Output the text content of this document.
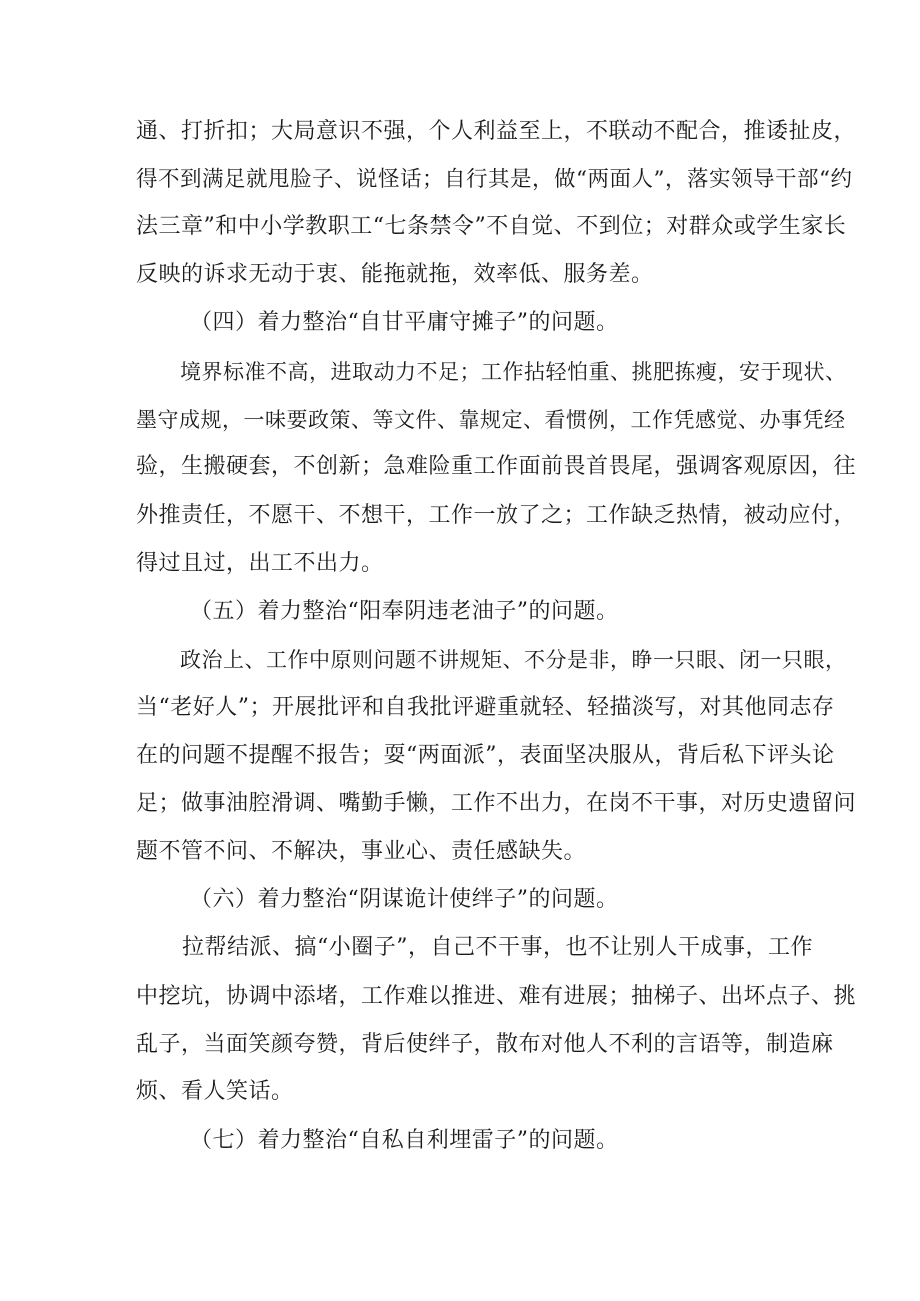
通、打折扣；大局意识不强，个人利益至上，不联动不配合，推诿扯皮，
得不到满足就甩脸子、说怪话；自行其是，做“两面人”，落实领导干部“约
法三章”和中小学教职工“七条禁令”不自觉、不到位；对群众或学生家长
反映的诉求无动于衷、能拖就拖，效率低、服务差。
（四）着力整治“自甘平庸守摊子”的问题。
境界标准不高，进取动力不足；工作拈轻怕重、挑肥拣瘦，安于现状、
墨守成规，一味要政策、等文件、靠规定、看惯例，工作凭感觉、办事凭经
验，生搬硬套，不创新；急难险重工作面前畏首畏尾，强调客观原因，往
外推责任，不愿干、不想干，工作一放了之；工作缺乏热情，被动应付，
得过且过，出工不出力。
（五）着力整治“阳奉阴违老油子”的问题。
政治上、工作中原则问题不讲规矩、不分是非，睁一只眼、闭一只眼，
当“老好人”；开展批评和自我批评避重就轻、轻描淡写，对其他同志存
在的问题不提醒不报告；耍“两面派”，表面坚决服从，背后私下评头论
足；做事油腔滑调、嘴勤手懒，工作不出力，在岗不干事，对历史遗留问
题不管不问、不解决，事业心、责任感缺失。
（六）着力整治“阴谋诡计使绊子”的问题。
拉帮结派、搞“小圈子”，自己不干事，也不让别人干成事，工作
中挖坑，协调中添堵，工作难以推进、难有进展；抽梯子、出坏点子、挑
乱子，当面笑颜夸赞，背后使绊子，散布对他人不利的言语等，制造麻
烦、看人笑话。
（七）着力整治“自私自利埋雷子”的问题。
